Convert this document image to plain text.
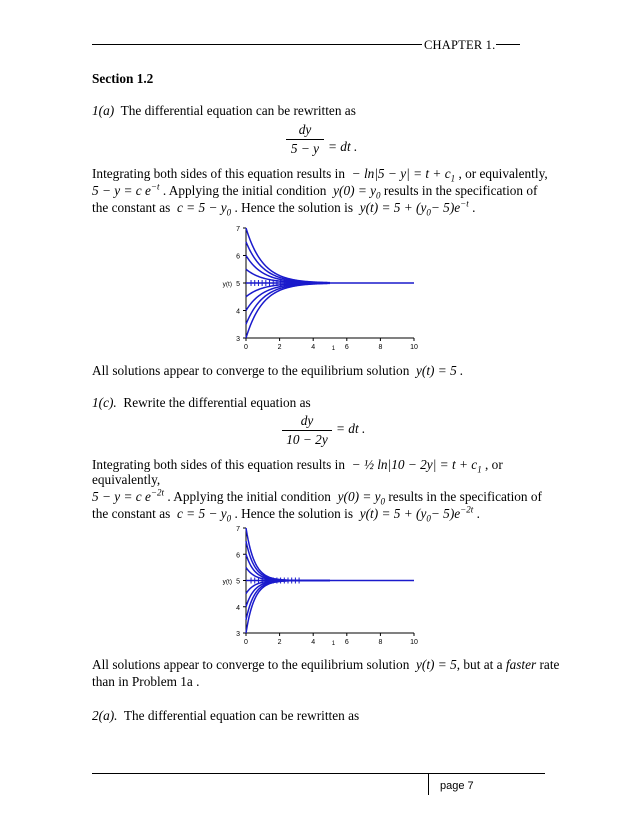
CHAPTER 1.
Section 1.2
1(a) The differential equation can be rewritten as
dy
5 − y = dt .
Integrating both sides of this equation results in − $\ln|5 - y| = t + c_1$ , or equivalently,
5 − y = c $e^{-t}$ . Applying the initial condition $y(0) = y_0$ results in the specification of
the constant as $c = 5 - y_0$ . Hence the solution is $y(t) = 5 + (y_0- 5)e^{-t}$ .
3
4
5
6
7
y(t)
0	2	4	6	8	10
1
All solutions appear to converge to the equilibrium solution y(t) = 5 .
1(c). Rewrite the differential equation as
dy
10 − 2y
= dt .
Integrating both sides of this equation results in − ½ $\ln|10 - 2y| = t + c_1$ , or
equivalently,
5 − y = c $e^{-2t}$ . Applying the initial condition $y(0) = y_0$ results in the specification of
the constant as $c = 5 - y_0$ . Hence the solution is $y(t) = 5 + (y_0- 5)e^{-2t}$ .
3
4
5
6
7
y(t)
0	2	4	6	8	10
1
All solutions appear to converge to the equilibrium solution y(t) = 5, but at a faster rate
than in Problem 1a .
2(a). The differential equation can be rewritten as
page 7
